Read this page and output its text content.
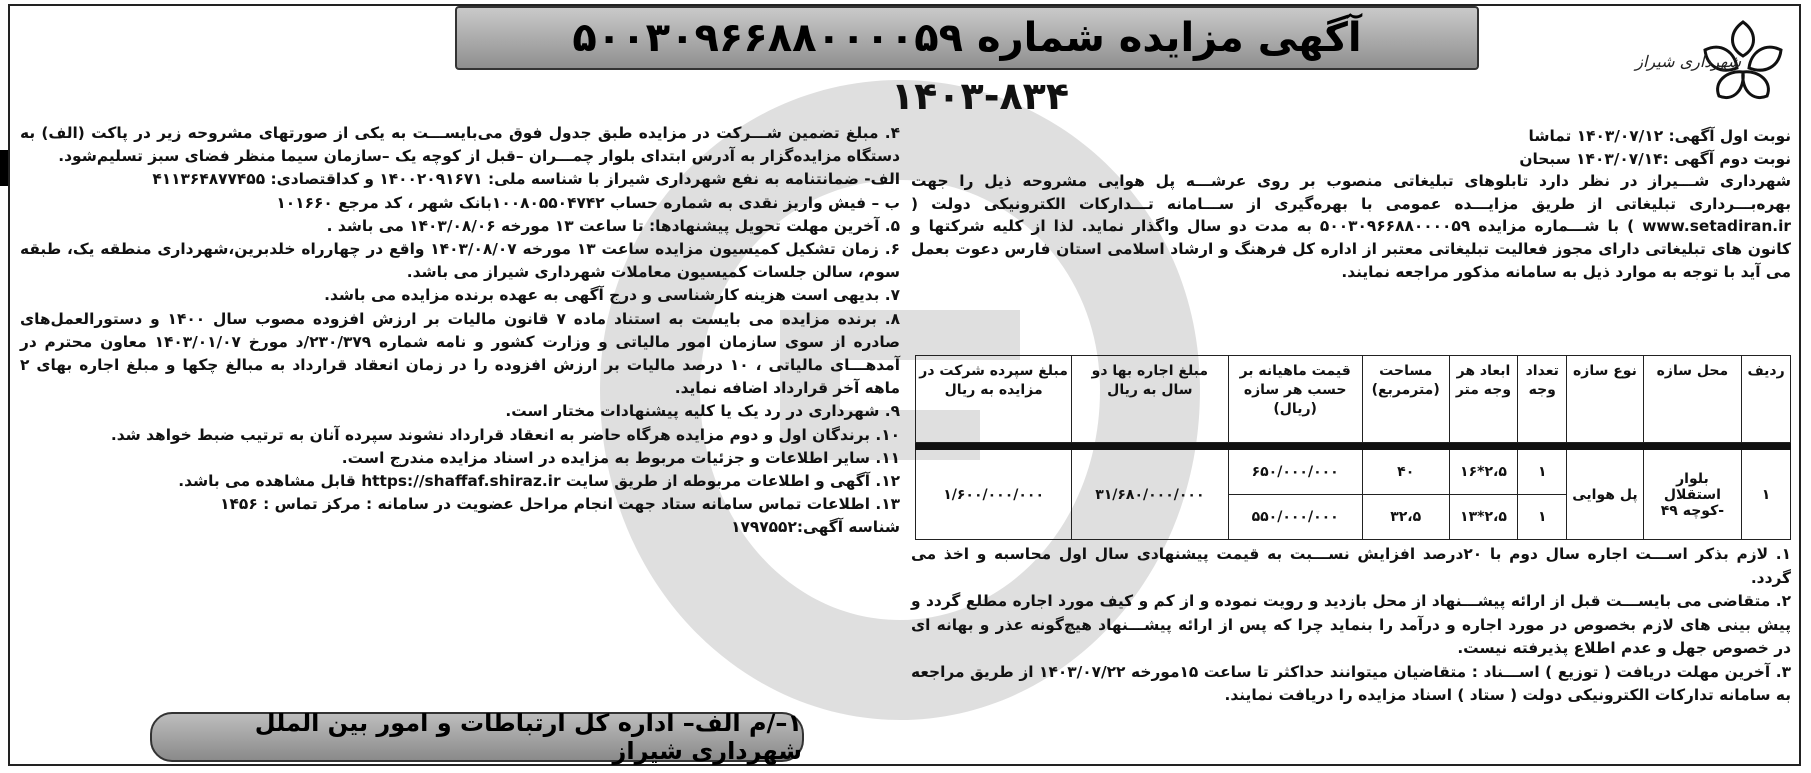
آگهی مزایده شماره ۵۰۰۳۰۹۶۶۸۸۰۰۰۰۵۹
۱۴۰۳-۸۳۴
شهرداری شیراز

نوبت اول آگهی: ۱۴۰۳/۰۷/۱۲ تماشا

نوبت دوم آگهی :۱۴۰۳/۰۷/۱۴ سبحان

شهرداری شـــیراز در نظر دارد تابلوهای تبلیغاتی منصوب بر روی عرشـــه پل هوایی مشروحه ذیل را جهت بهره‌بـــرداری تبلیغاتی از طریق مزایـــده عمومی با بهره‌گیری از ســـامانه تـــدارکات الکترونیکی دولت ( www.setadiran.ir ) با شـــماره مزایده ۵۰۰۳۰۹۶۶۸۸۰۰۰۰۵۹ به مدت دو سال واگذار نماید. لذا از کلیه شرکتها و کانون های تبلیغاتی دارای مجوز فعالیت تبلیغاتی معتبر از اداره کل فرهنگ و ارشاد اسلامی استان فارس دعوت بعمل می آید با توجه به موارد ذیل به سامانه مذکور مراجعه نمایند.

ردیف	محل سازه	نوع سازه	تعداد وجه	ابعاد هر وجه متر	مساحت (مترمربع)	قیمت ماهیانه بر حسب هر سازه (ریال)	مبلغ اجاره بها دو سال به ریال	مبلغ سپرده شرکت در مزایده به ریال

۱	بلوار استقلال -کوچه ۴۹	پل هوایی	۱	۲،۵*۱۶	۴۰	۶۵۰/۰۰۰/۰۰۰	۳۱/۶۸۰/۰۰۰/۰۰۰	۱/۶۰۰/۰۰۰/۰۰۰
			۱	۲،۵*۱۳	۳۲،۵	۵۵۰/۰۰۰/۰۰۰		

۱. لازم بذکر اســـت اجاره سال دوم با ۲۰درصد افزایش نســـبت به قیمت پیشنهادی سال اول محاسبه و اخذ می گردد.

۲. متقاضی می بایســـت قبل از ارائه پیشـــنهاد از محل بازدید و رویت نموده و از کم و کیف مورد اجاره مطلع گردد و پیش بینی های لازم بخصوص در مورد اجاره و درآمد را بنماید چرا که پس از ارائه پیشـــنهاد هیچ‌گونه عذر و بهانه ای در خصوص جهل و عدم اطلاع پذیرفته نیست.

۳. آخرین مهلت دریافت ( توزیع ) اســـناد : متقاضیان میتوانند حداکثر تا ساعت ۱۵مورخه ۱۴۰۳/۰۷/۲۲ از طریق مراجعه به سامانه تدارکات الکترونیکی دولت ( ستاد ) اسناد مزایده را دریافت نمایند.

۴. مبلغ تضمین شـــرکت در مزایده طبق جدول فوق می‌بایســـت به یکی از صورتهای مشروحه زیر در پاکت (الف) به دستگاه مزایده‌گزار به آدرس ابتدای بلوار چمـــران –قبل از کوچه یک –سازمان سیما منظر فضای سبز تسلیم‌شود.

الف- ضمانتنامه به نفع شهرداری شیراز با شناسه ملی: ۱۴۰۰۲۰۹۱۶۷۱ و کداقتصادی: ۴۱۱۳۶۴۸۷۷۴۵۵

ب – فیش واریز نقدی به شماره حساب ۱۰۰۸۰۵۵۰۴۷۴۲بانک شهر ، کد مرجع ۱۰۱۶۶۰

۵. آخرین مهلت تحویل پیشنهادها: تا ساعت ۱۳ مورخه ۱۴۰۳/۰۸/۰۶ می باشد .

۶. زمان تشکیل کمیسیون مزایده ساعت ۱۳ مورخه ۱۴۰۳/۰۸/۰۷ واقع در چهارراه خلدبرین،شهرداری منطقه یک، طبقه سوم، سالن جلسات کمیسیون معاملات شهرداری شیراز می باشد.

۷. بدیهی است هزینه کارشناسی و درج آگهی به عهده برنده مزایده می باشد.

۸. برنده مزایده می بایست به استناد ماده ۷ قانون مالیات بر ارزش افزوده مصوب سال ۱۴۰۰ و دستورالعمل‌های صادره از سوی سازمان امور مالیاتی و وزارت کشور و نامه شماره ۲۳۰/۳۷۹/د مورخ ۱۴۰۳/۰۱/۰۷ معاون محترم در آمدهـــای مالیاتی ، ۱۰ درصد مالیات بر ارزش افزوده را در زمان انعقاد قرارداد به مبالغ چکها و مبلغ اجاره بهای ۲ ماهه آخر قرارداد اضافه نماید.

۹. شهرداری در رد یک یا کلیه پیشنهادات مختار است.

۱۰. برندگان اول و دوم مزایده هرگاه حاضر به انعقاد قرارداد نشوند سپرده آنان به ترتیب ضبط خواهد شد.

۱۱. سایر اطلاعات و جزئیات مربوط به مزایده در اسناد مزایده مندرج است.

۱۲. آگهی و اطلاعات مربوطه از طریق سایت https://shaffaf.shiraz.ir قابل مشاهده می باشد.

۱۳. اطلاعات تماس سامانه ستاد جهت انجام مراحل عضویت در سامانه : مرکز تماس : ۱۴۵۶

شناسه آگهی:۱۷۹۷۵۵۲

۱–/م الف– اداره کل ارتباطات و امور بین الملل شهرداری شیراز
